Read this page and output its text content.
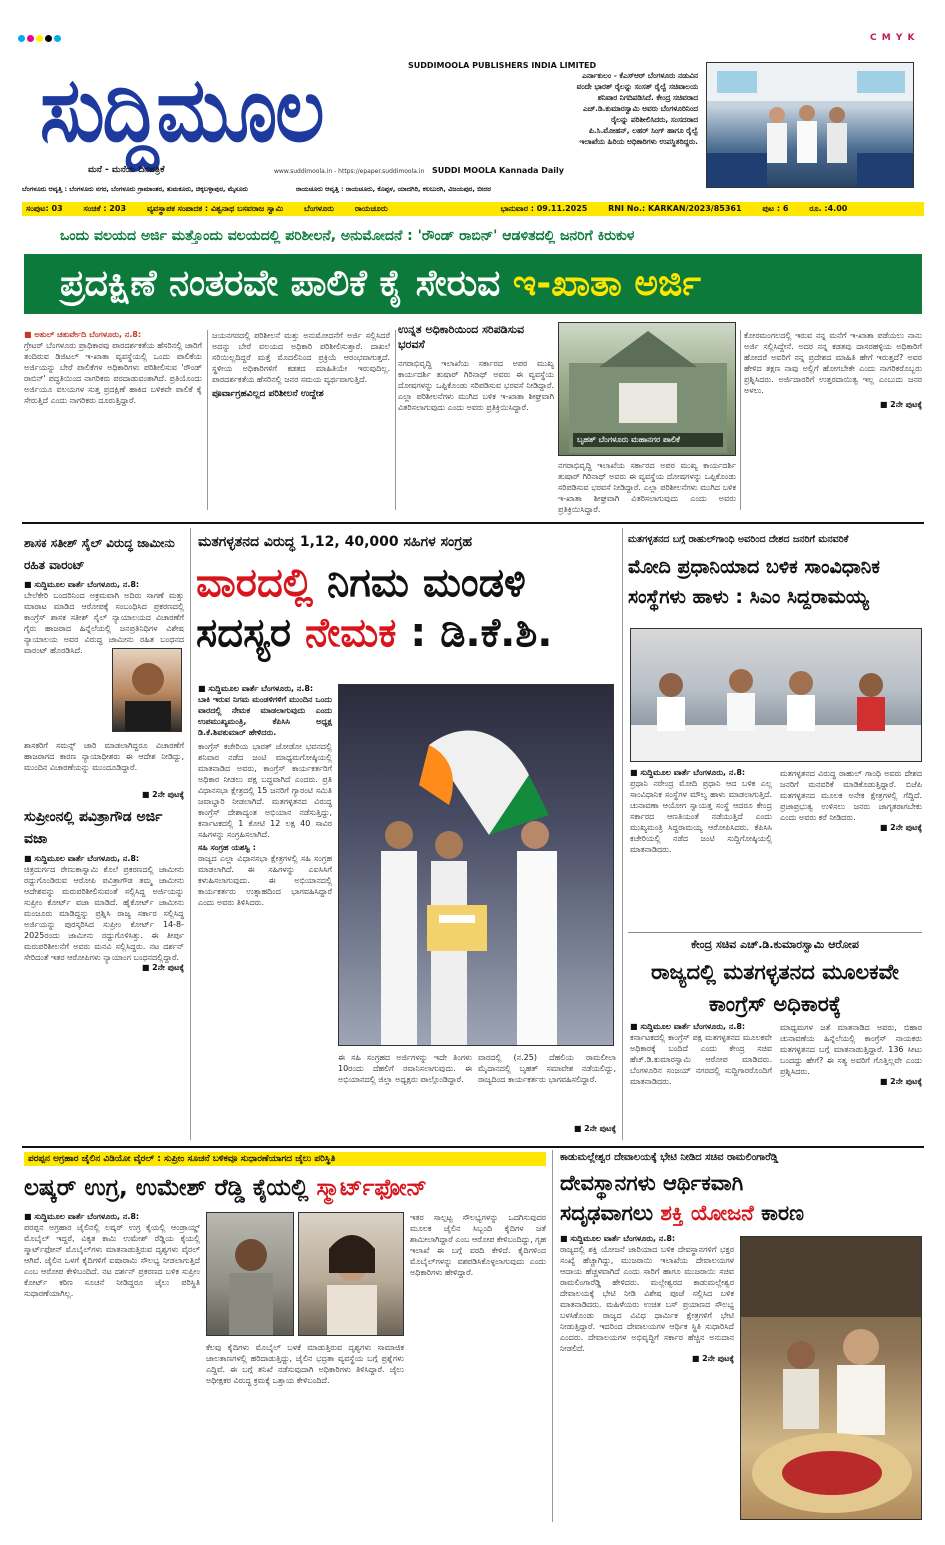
C M Y K
ಸುದ್ದಿಮೂಲ	SUDDIMOOLA PUBLISHERS INDIA LIMITED
ಮನೆ - ಮನೆಯ ದಿನಪತ್ರಿಕೆ	www.suddimoola.in - https://epaper.suddimoola.in SUDDI MOOLA Kannada Daily
ಎರ್ನಾಕುಲಂ - ಕೆಎಸ್‌ಆರ್ ಬೆಂಗಳೂರು ನಡುವಿನ ವಂದೇ ಭಾರತ್ ರೈಲನ್ನು ಸಂಸತ್ ರೈಲ್ವೆ ಸಚಿವಾಲಯ ಶನಿವಾರ ನಿಗದಿಪಡಿಸಿದೆ. ಕೇಂದ್ರ ಸಚಿವರಾದ ಎಚ್.ಡಿ.ಕುಮಾರಸ್ವಾಮಿ ಅವರು ಬೆಂಗಳೂರಿನಿಂದ ರೈಲನ್ನು ಪರಿಶೀಲಿಸಿದರು, ಸಂಸದರಾದ ಪಿ.ಸಿ.ಮೋಹನ್, ಲಹರ್ ಸಿಂಗ್ ಹಾಗೂ ರೈಲ್ವೆ ಇಲಾಖೆಯ ಹಿರಿಯ ಅಧಿಕಾರಿಗಳು ಉಪಸ್ಥಿತರಿದ್ದರು.
ಬೆಂಗಳೂರು ಆವೃತ್ತಿ : ಬೆಂಗಳೂರು ನಗರ, ಬೆಂಗಳೂರು ಗ್ರಾಮಾಂತರ, ತುಮಕೂರು, ಚಿಕ್ಕಬಳ್ಳಾಪುರ, ಮೈಸೂರು	ರಾಯಚೂರು ಆವೃತ್ತಿ : ರಾಯಚೂರು, ಕೊಪ್ಪಳ, ಯಾದಗಿರಿ, ಕಲಬುರಗಿ, ವಿಜಯಪುರ, ಬೀದರ
ಸಂಪುಟ: 03	ಸಂಚಿಕೆ : 203	ವ್ಯವಸ್ಥಾಪಕ ಸಂಪಾದಕ : ವಿಶ್ವನಾಥ ಬಸವರಾಜ ಸ್ವಾಮಿ	ಬೆಂಗಳೂರು	ರಾಯಚೂರು	ಭಾನುವಾರ : 09.11.2025	RNI No.: KARKAN/2023/85361	ಪುಟ : 6	ರೂ. :4.00
ಒಂದು ವಲಯದ ಅರ್ಜಿ ಮತ್ತೊಂದು ವಲಯದಲ್ಲಿ ಪರಿಶೀಲನೆ, ಅನುಮೋದನೆ : 'ರೌಂಡ್ ರಾಬಿನ್' ಆಡಳಿತದಲ್ಲಿ ಜನರಿಗೆ ಕಿರುಕುಳ
ಪ್ರದಕ್ಷಿಣೆ ನಂತರವೇ ಪಾಲಿಕೆ ಕೈ ಸೇರುವ ಇ-ಖಾತಾ ಅರ್ಜಿ
■ ಅತುಲ್ ಚತುರ್ವೇದಿ ಬೆಂಗಳೂರು, ನ.8:
ಗ್ರೇಟರ್ ಬೆಂಗಳೂರು ಪ್ರಾಧಿಕಾರವು ಪಾರದರ್ಶಕತೆಯ ಹೆಸರಿನಲ್ಲಿ ಜಾರಿಗೆ ತಂದಿರುವ ಡಿಜಿಟಲ್ ಇ-ಖಾತಾ ವ್ಯವಸ್ಥೆಯಲ್ಲಿ ಒಂದು ಪಾಲಿಕೆಯ ಅರ್ಜಿಯನ್ನು ಬೇರೆ ಪಾಲಿಕೆಗಳ ಅಧಿಕಾರಿಗಳು ಪರಿಶೀಲಿಸುವ 'ರೌಂಡ್ ರಾಬಿನ್' ಪದ್ಧತಿಯಿಂದ ನಾಗರಿಕರು ಪರದಾಡುವಂತಾಗಿದೆ. ಪ್ರತಿಯೊಂದು ಅರ್ಜಿಯೂ ವಲಯಗಳ ಸುತ್ತ ಪ್ರದಕ್ಷಿಣೆ ಹಾಕಿದ ಬಳಿಕವೇ ಪಾಲಿಕೆ ಕೈ ಸೇರುತ್ತಿದೆ ಎಂದು ನಾಗರಿಕರು ದೂರುತ್ತಿದ್ದಾರೆ.
ಜಯನಗರದಲ್ಲಿ ಪರಿಶೀಲನೆ ಮತ್ತು ಅನುಮೋದನೆಗೆ ಅರ್ಜಿ ಸಲ್ಲಿಸಿದರೆ ಅದನ್ನು ಬೇರೆ ವಲಯದ ಅಧಿಕಾರಿ ಪರಿಶೀಲಿಸುತ್ತಾರೆ. ದಾಖಲೆ ಸರಿಯಿಲ್ಲದಿದ್ದರೆ ಮತ್ತೆ ಮೊದಲಿನಿಂದ ಪ್ರಕ್ರಿಯೆ ಆರಂಭವಾಗುತ್ತದೆ. ಸ್ಥಳೀಯ ಅಧಿಕಾರಿಗಳಿಗೆ ಕಡತದ ಮಾಹಿತಿಯೇ ಇರುವುದಿಲ್ಲ. ಪಾರದರ್ಶಕತೆಯ ಹೆಸರಿನಲ್ಲಿ ಜನರ ಸಮಯ ವ್ಯರ್ಥವಾಗುತ್ತಿದೆ.
ಪೂರ್ವಾಗ್ರಹವಿಲ್ಲದ ಪರಿಶೀಲನೆ ಉದ್ದೇಶ
ಉನ್ನತ ಅಧಿಕಾರಿಯಿಂದ ಸರಿಪಡಿಸುವ ಭರವಸೆ
ನಗರಾಭಿವೃದ್ಧಿ ಇಲಾಖೆಯ ಸರ್ಕಾರದ ಅಪರ ಮುಖ್ಯ ಕಾರ್ಯದರ್ಶಿ ತುಷಾರ್ ಗಿರಿನಾಥ್ ಅವರು ಈ ವ್ಯವಸ್ಥೆಯ ದೋಷಗಳನ್ನು ಒಪ್ಪಿಕೊಂಡು ಸರಿಪಡಿಸುವ ಭರವಸೆ ನೀಡಿದ್ದಾರೆ. ಎಲ್ಲಾ ಪರಿಶೀಲನೆಗಳು ಮುಗಿದ ಬಳಿಕ ಇ-ಖಾತಾ ಶೀಘ್ರವಾಗಿ ವಿತರಿಸಲಾಗುವುದು ಎಂದು ಅವರು ಪ್ರತಿಕ್ರಿಯಿಸಿದ್ದಾರೆ.
ಬೃಹತ್ ಬೆಂಗಳೂರು ಮಹಾನಗರ ಪಾಲಿಕೆ
ನಗರಾಭಿವೃದ್ಧಿ ಇಲಾಖೆಯ ಸರ್ಕಾರದ ಅಪರ ಮುಖ್ಯ ಕಾರ್ಯದರ್ಶಿ ತುಷಾರ್ ಗಿರಿನಾಥ್ ಅವರು ಈ ವ್ಯವಸ್ಥೆಯ ದೋಷಗಳನ್ನು ಒಪ್ಪಿಕೊಂಡು ಸರಿಪಡಿಸುವ ಭರವಸೆ ನೀಡಿದ್ದಾರೆ. ಎಲ್ಲಾ ಪರಿಶೀಲನೆಗಳು ಮುಗಿದ ಬಳಿಕ ಇ-ಖಾತಾ ಶೀಘ್ರವಾಗಿ ವಿತರಿಸಲಾಗುವುದು ಎಂದು ಅವರು ಪ್ರತಿಕ್ರಿಯಿಸಿದ್ದಾರೆ.
ಕೋರಮಂಗಲದಲ್ಲಿ ಇರುವ ನನ್ನ ಮನೆಗೆ ಇ-ಖಾತಾ ಪಡೆಯಲು ನಾನು ಅರ್ಜಿ ಸಲ್ಲಿಸಿದ್ದೇನೆ. ಅದರ ನನ್ನ ಕಡತವು ದಾಸರಹಳ್ಳಿಯ ಅಧಿಕಾರಿಗೆ ಹೋದರೆ ಅವರಿಗೆ ನನ್ನ ಪ್ರದೇಶದ ಮಾಹಿತಿ ಹೇಗೆ ಇರುತ್ತದೆ? ಅವರ ಹೇಳಿದ ತಕ್ಷಣ ನಾವು ಅಲ್ಲಿಗೆ ಹೋಗಬೇಕೇ ಎಂದು ನಾಗರಿಕರೊಬ್ಬರು ಪ್ರಶ್ನಿಸಿದರು. ಅರ್ಜಿದಾರರಿಗೆ ಉತ್ತರದಾಯಿತ್ವ ಇಲ್ಲ ಎಂಬುದು ಜನರ ಅಳಲು.
■ 2ನೇ ಪುಟಕ್ಕೆ
ಶಾಸಕ ಸತೀಶ್ ಸೈಲ್ ವಿರುದ್ಧ ಜಾಮೀನು ರಹಿತ ವಾರಂಟ್
■ ಸುದ್ದಿಮೂಲ ವಾರ್ತೆ ಬೆಂಗಳೂರು, ನ.8:
ಬೇಲೆಕೇರಿ ಬಂದರಿನಿಂದ ಅಕ್ರಮವಾಗಿ ಅದಿರು ಸಾಗಣೆ ಮತ್ತು ಮಾರಾಟ ಮಾಡಿದ ಆರೋಪಕ್ಕೆ ಸಂಬಂಧಿಸಿದ ಪ್ರಕರಣದಲ್ಲಿ ಕಾಂಗ್ರೆಸ್ ಶಾಸಕ ಸತೀಶ್ ಸೈಲ್ ನ್ಯಾಯಾಲಯದ ವಿಚಾರಣೆಗೆ ಗೈರು ಹಾಜರಾದ ಹಿನ್ನೆಲೆಯಲ್ಲಿ ಜನಪ್ರತಿನಿಧಿಗಳ ವಿಶೇಷ ನ್ಯಾಯಾಲಯ ಅವರ ವಿರುದ್ಧ ಜಾಮೀನು ರಹಿತ ಬಂಧನದ ವಾರಂಟ್ ಹೊರಡಿಸಿದೆ.
ಶಾಸಕರಿಗೆ ಸಮನ್ಸ್ ಜಾರಿ ಮಾಡಲಾಗಿದ್ದರೂ ವಿಚಾರಣೆಗೆ ಹಾಜರಾಗದ ಕಾರಣ ನ್ಯಾಯಾಧೀಶರು ಈ ಆದೇಶ ನೀಡಿದ್ದು, ಮುಂದಿನ ವಿಚಾರಣೆಯನ್ನು ಮುಂದೂಡಿದ್ದಾರೆ.
■ 2ನೇ ಪುಟಕ್ಕೆ
ಸುಪ್ರೀಂನಲ್ಲಿ ಪವಿತ್ರಾಗೌಡ ಅರ್ಜಿ ವಜಾ
■ ಸುದ್ದಿಮೂಲ ವಾರ್ತೆ ಬೆಂಗಳೂರು, ನ.8:
ಚಿತ್ರದುರ್ಗದ ರೇಣುಕಾಸ್ವಾಮಿ ಕೊಲೆ ಪ್ರಕರಣದಲ್ಲಿ ಜಾಮೀನು ರದ್ದುಗೊಂಡಿರುವ ಆರೋಪಿ ಪವಿತ್ರಾಗೌಡ ತಮ್ಮ ಜಾಮೀನು ಆದೇಶವನ್ನು ಮರುಪರಿಶೀಲಿಸುವಂತೆ ಸಲ್ಲಿಸಿದ್ದ ಅರ್ಜಿಯನ್ನು ಸುಪ್ರೀಂ ಕೋರ್ಟ್ ವಜಾ ಮಾಡಿದೆ. ಹೈಕೋರ್ಟ್ ಜಾಮೀನು ಮಂಜೂರು ಮಾಡಿದ್ದನ್ನು ಪ್ರಶ್ನಿಸಿ ರಾಜ್ಯ ಸರ್ಕಾರ ಸಲ್ಲಿಸಿದ್ದ ಅರ್ಜಿಯನ್ನು ಪುರಸ್ಕರಿಸಿದ ಸುಪ್ರೀಂ ಕೋರ್ಟ್ 14-8-2025ರಂದು ಜಾಮೀನು ರದ್ದುಗೊಳಿಸಿತ್ತು. ಈ ತೀರ್ಪು ಮರುಪರಿಶೀಲನೆಗೆ ಅವರು ಮನವಿ ಸಲ್ಲಿಸಿದ್ದರು. ನಟ ದರ್ಶನ್ ಸೇರಿದಂತೆ ಇತರ ಆರೋಪಿಗಳು ನ್ಯಾಯಾಂಗ ಬಂಧನದಲ್ಲಿದ್ದಾರೆ.
■ 2ನೇ ಪುಟಕ್ಕೆ
ಮತಗಳ್ಳತನದ ವಿರುದ್ಧ 1,12, 40,000 ಸಹಿಗಳ ಸಂಗ್ರಹ
ವಾರದಲ್ಲಿ ನಿಗಮ ಮಂಡಳಿ
ಸದಸ್ಯರ ನೇಮಕ : ಡಿ.ಕೆ.ಶಿ.
■ ಸುದ್ದಿಮೂಲ ವಾರ್ತೆ ಬೆಂಗಳೂರು, ನ.8:
ಬಾಕಿ ಇರುವ ನಿಗಮ ಮಂಡಳಿಗಳಿಗೆ ಮುಂದಿನ ಒಂದು ವಾರದಲ್ಲಿ ನೇಮಕ ಮಾಡಲಾಗುವುದು ಎಂದು ಉಪಮುಖ್ಯಮಂತ್ರಿ, ಕೆಪಿಸಿಸಿ ಅಧ್ಯಕ್ಷ ಡಿ.ಕೆ.ಶಿವಕುಮಾರ್ ಹೇಳಿದರು.
ಕಾಂಗ್ರೆಸ್ ಕಚೇರಿಯ ಭಾರತ್ ಜೋಡೋ ಭವನದಲ್ಲಿ ಶನಿವಾರ ನಡೆದ ಜಂಟಿ ಮಾಧ್ಯಮಗೋಷ್ಠಿಯಲ್ಲಿ ಮಾತನಾಡಿದ ಅವರು, ಕಾಂಗ್ರೆಸ್ ಕಾರ್ಯಕರ್ತರಿಗೆ ಅಧಿಕಾರ ನೀಡಲು ಪಕ್ಷ ಬದ್ಧವಾಗಿದೆ ಎಂದರು. ಪ್ರತಿ ವಿಧಾನಸಭಾ ಕ್ಷೇತ್ರದಲ್ಲಿ 15 ಜನರಿಗೆ ಗ್ಯಾರಂಟಿ ಸಮಿತಿ ಜವಾಬ್ದಾರಿ ನೀಡಲಾಗಿದೆ. ಮತಗಳ್ಳತನದ ವಿರುದ್ಧ ಕಾಂಗ್ರೆಸ್ ದೇಶಾದ್ಯಂತ ಅಭಿಯಾನ ನಡೆಸುತ್ತಿದ್ದು, ಕರ್ನಾಟಕದಲ್ಲಿ 1 ಕೋಟಿ 12 ಲಕ್ಷ 40 ಸಾವಿರ ಸಹಿಗಳನ್ನು ಸಂಗ್ರಹಿಸಲಾಗಿದೆ.
ಸಹಿ ಸಂಗ್ರಹ ಯಶಸ್ವಿ :
ರಾಜ್ಯದ ಎಲ್ಲಾ ವಿಧಾನಸಭಾ ಕ್ಷೇತ್ರಗಳಲ್ಲಿ ಸಹಿ ಸಂಗ್ರಹ ಮಾಡಲಾಗಿದೆ. ಈ ಸಹಿಗಳನ್ನು ಎಐಸಿಸಿಗೆ ಕಳುಹಿಸಲಾಗುವುದು. ಈ ಅಭಿಯಾನದಲ್ಲಿ ಕಾರ್ಯಕರ್ತರು ಉತ್ಸಾಹದಿಂದ ಭಾಗವಹಿಸಿದ್ದಾರೆ ಎಂದು ಅವರು ತಿಳಿಸಿದರು.
ಈ ಸಹಿ ಸಂಗ್ರಹದ ಅರ್ಜಿಗಳನ್ನು ಇದೇ ತಿಂಗಳು 10ರಂದು ದೆಹಲಿಗೆ ರವಾನಿಸಲಾಗುವುದು. ಈ ಅಭಿಯಾನದಲ್ಲಿ ಜಿಲ್ಲಾ ಅಧ್ಯಕ್ಷರು ಪಾಲ್ಗೊಂಡಿದ್ದಾರೆ.
ವಾರದಲ್ಲಿ (ನ.25) ದೆಹಲಿಯ ರಾಮಲೀಲಾ ಮೈದಾನದಲ್ಲಿ ಬೃಹತ್ ಸಮಾವೇಶ ನಡೆಯಲಿದ್ದು, ರಾಜ್ಯದಿಂದ ಕಾರ್ಯಕರ್ತರು ಭಾಗವಹಿಸಲಿದ್ದಾರೆ.
■ 2ನೇ ಪುಟಕ್ಕೆ
ಮತಗಳ್ಳತನದ ಬಗ್ಗೆ ರಾಹುಲ್‌ಗಾಂಧಿ ಅವರಿಂದ ದೇಶದ ಜನರಿಗೆ ಮನವರಿಕೆ
ಮೋದಿ ಪ್ರಧಾನಿಯಾದ ಬಳಿಕ ಸಾಂವಿಧಾನಿಕ ಸಂಸ್ಥೆಗಳು ಹಾಳು : ಸಿಎಂ ಸಿದ್ದರಾಮಯ್ಯ
■ ಸುದ್ದಿಮೂಲ ವಾರ್ತೆ ಬೆಂಗಳೂರು, ನ.8:
ಪ್ರಧಾನಿ ನರೇಂದ್ರ ಮೋದಿ ಪ್ರಧಾನಿ ಆದ ಬಳಿಕ ಎಲ್ಲ ಸಾಂವಿಧಾನಿಕ ಸಂಸ್ಥೆಗಳ ಮೌಲ್ಯ ಹಾಳು ಮಾಡಲಾಗುತ್ತಿದೆ. ಚುನಾವಣಾ ಆಯೋಗ ಸ್ವಾಯತ್ತ ಸಂಸ್ಥೆ ಆದರೂ ಕೇಂದ್ರ ಸರ್ಕಾರದ ಆಣತಿಯಂತೆ ನಡೆಯುತ್ತಿದೆ ಎಂದು ಮುಖ್ಯಮಂತ್ರಿ ಸಿದ್ದರಾಮಯ್ಯ ಆರೋಪಿಸಿದರು. ಕೆಪಿಸಿಸಿ ಕಚೇರಿಯಲ್ಲಿ ನಡೆದ ಜಂಟಿ ಸುದ್ದಿಗೋಷ್ಠಿಯಲ್ಲಿ ಮಾತನಾಡಿದರು.
ಮತಗಳ್ಳತನದ ವಿರುದ್ಧ ರಾಹುಲ್ ಗಾಂಧಿ ಅವರು ದೇಶದ ಜನರಿಗೆ ಮನವರಿಕೆ ಮಾಡಿಕೊಡುತ್ತಿದ್ದಾರೆ. ಬಿಜೆಪಿ ಮತಗಳ್ಳತನದ ಮೂಲಕ ಅನೇಕ ಕ್ಷೇತ್ರಗಳಲ್ಲಿ ಗೆದ್ದಿದೆ. ಪ್ರಜಾಪ್ರಭುತ್ವ ಉಳಿಸಲು ಜನರು ಜಾಗೃತರಾಗಬೇಕು ಎಂದು ಅವರು ಕರೆ ನೀಡಿದರು.
■ 2ನೇ ಪುಟಕ್ಕೆ
ಕೇಂದ್ರ ಸಚಿವ ಎಚ್.ಡಿ.ಕುಮಾರಸ್ವಾಮಿ ಆರೋಪ
ರಾಜ್ಯದಲ್ಲಿ ಮತಗಳ್ಳತನದ ಮೂಲಕವೇ ಕಾಂಗ್ರೆಸ್ ಅಧಿಕಾರಕ್ಕೆ
■ ಸುದ್ದಿಮೂಲ ವಾರ್ತೆ ಬೆಂಗಳೂರು, ನ.8:
ಕರ್ನಾಟಕದಲ್ಲಿ ಕಾಂಗ್ರೆಸ್ ಪಕ್ಷ ಮತಗಳ್ಳತನದ ಮೂಲಕವೇ ಅಧಿಕಾರಕ್ಕೆ ಬಂದಿದೆ ಎಂದು ಕೇಂದ್ರ ಸಚಿವ ಹೆಚ್.ಡಿ.ಕುಮಾರಸ್ವಾಮಿ ಆರೋಪ ಮಾಡಿದರು. ಬೆಂಗಳೂರಿನ ಸಂಜಯ್ ನಗರದಲ್ಲಿ ಸುದ್ದಿಗಾರರೊಂದಿಗೆ ಮಾತನಾಡಿದರು.
ಮಾಧ್ಯಮಗಳ ಜತೆ ಮಾತನಾಡಿದ ಅವರು, ಬಿಹಾರ ಚುನಾವಣೆಯ ಹಿನ್ನೆಲೆಯಲ್ಲಿ ಕಾಂಗ್ರೆಸ್ ನಾಯಕರು ಮತಗಳ್ಳತನದ ಬಗ್ಗೆ ಮಾತನಾಡುತ್ತಿದ್ದಾರೆ. 136 ಸೀಟು ಬಂದದ್ದು ಹೇಗೆ? ಈ ಸತ್ಯ ಅವರಿಗೆ ಗೊತ್ತಿಲ್ಲವೇ ಎಂದು ಪ್ರಶ್ನಿಸಿದರು.
■ 2ನೇ ಪುಟಕ್ಕೆ
ಪರಪ್ಪನ ಅಗ್ರಹಾರ ಜೈಲಿನ ವಿಡಿಯೋ ವೈರಲ್ : ಸುಪ್ರೀಂ ಸೂಚನೆ ಬಳಿಕವೂ ಸುಧಾರಣೆಯಾಗದ ಜೈಲು ಪರಿಸ್ಥಿತಿ
ಲಷ್ಕರ್ ಉಗ್ರ, ಉಮೇಶ್ ರೆಡ್ಡಿ ಕೈಯಲ್ಲಿ ಸ್ಮಾರ್ಟ್‌ಫೋನ್
■ ಸುದ್ದಿಮೂಲ ವಾರ್ತೆ ಬೆಂಗಳೂರು, ನ.8:
ಪರಪ್ಪನ ಅಗ್ರಹಾರ ಜೈಲಿನಲ್ಲಿ ಲಷ್ಕರ್ ಉಗ್ರ ಕೈಯಲ್ಲಿ ಆಂಡ್ರಾಯ್ಡ್ ಮೊಬೈಲ್ ಇದ್ದರೆ, ವಿಕೃತ ಕಾಮಿ ಉಮೇಶ್ ರೆಡ್ಡಿಯ ಕೈಯಲ್ಲಿ ಸ್ಮಾರ್ಟ್‌ಫೋನ್ ಮೊಬೈಲ್‌ಗಳು ಮಾತನಾಡುತ್ತಿರುವ ದೃಶ್ಯಗಳು ವೈರಲ್ ಆಗಿವೆ. ಜೈಲಿನ ಒಳಗೆ ಕೈದಿಗಳಿಗೆ ಐಷಾರಾಮಿ ಸೌಲಭ್ಯ ನೀಡಲಾಗುತ್ತಿದೆ ಎಂಬ ಆರೋಪ ಕೇಳಿಬಂದಿದೆ. ನಟ ದರ್ಶನ್ ಪ್ರಕರಣದ ಬಳಿಕ ಸುಪ್ರೀಂ ಕೋರ್ಟ್ ಕಠಿಣ ಸೂಚನೆ ನೀಡಿದ್ದರೂ ಜೈಲು ಪರಿಸ್ಥಿತಿ ಸುಧಾರಣೆಯಾಗಿಲ್ಲ.
ಕೆಲವು ಕೈದಿಗಳು ಮೊಬೈಲ್ ಬಳಕೆ ಮಾಡುತ್ತಿರುವ ದೃಶ್ಯಗಳು ಸಾಮಾಜಿಕ ಜಾಲತಾಣಗಳಲ್ಲಿ ಹರಿದಾಡುತ್ತಿದ್ದು, ಜೈಲಿನ ಭದ್ರತಾ ವ್ಯವಸ್ಥೆಯ ಬಗ್ಗೆ ಪ್ರಶ್ನೆಗಳು ಎದ್ದಿವೆ. ಈ ಬಗ್ಗೆ ತನಿಖೆ ನಡೆಸುವುದಾಗಿ ಅಧಿಕಾರಿಗಳು ತಿಳಿಸಿದ್ದಾರೆ. ಜೈಲು ಅಧೀಕ್ಷಕರ ವಿರುದ್ಧ ಕ್ರಮಕ್ಕೆ ಒತ್ತಾಯ ಕೇಳಿಬಂದಿದೆ.
ಇತರ ಸಾಲ್ಪಟ್ಟ ಸೌಲಭ್ಯಗಳನ್ನು ಒದಗಿಸುವುದರ ಮೂಲಕ ಜೈಲಿನ ಸಿಬ್ಬಂದಿ ಕೈದಿಗಳ ಜತೆ ಶಾಮೀಲಾಗಿದ್ದಾರೆ ಎಂಬ ಆರೋಪ ಕೇಳಿಬಂದಿದ್ದು, ಗೃಹ ಇಲಾಖೆ ಈ ಬಗ್ಗೆ ವರದಿ ಕೇಳಿದೆ. ಕೈದಿಗಳಿಂದ ಮೊಬೈಲ್‌ಗಳನ್ನು ವಶಪಡಿಸಿಕೊಳ್ಳಲಾಗುವುದು ಎಂದು ಅಧಿಕಾರಿಗಳು ಹೇಳಿದ್ದಾರೆ.
ಕಾಡುಮಲ್ಲೇಶ್ವರ ದೇವಾಲಯಕ್ಕೆ ಭೇಟಿ ನೀಡಿದ ಸಚಿವ ರಾಮಲಿಂಗಾರೆಡ್ಡಿ
ದೇವಸ್ಥಾನಗಳು ಆರ್ಥಿಕವಾಗಿ
ಸದೃಢವಾಗಲು ಶಕ್ತಿ ಯೋಜನೆ ಕಾರಣ
■ ಸುದ್ದಿಮೂಲ ವಾರ್ತೆ ಬೆಂಗಳೂರು, ನ.8:
ರಾಜ್ಯದಲ್ಲಿ ಶಕ್ತಿ ಯೋಜನೆ ಜಾರಿಯಾದ ಬಳಿಕ ದೇವಸ್ಥಾನಗಳಿಗೆ ಭಕ್ತರ ಸಂಖ್ಯೆ ಹೆಚ್ಚಾಗಿದ್ದು, ಮುಜರಾಯಿ ಇಲಾಖೆಯ ದೇವಾಲಯಗಳ ಆದಾಯ ಹೆಚ್ಚಳವಾಗಿದೆ ಎಂದು ಸಾರಿಗೆ ಹಾಗೂ ಮುಜರಾಯಿ ಸಚಿವ ರಾಮಲಿಂಗಾರೆಡ್ಡಿ ಹೇಳಿದರು. ಮಲ್ಲೇಶ್ವರದ ಕಾಡುಮಲ್ಲೇಶ್ವರ ದೇವಾಲಯಕ್ಕೆ ಭೇಟಿ ನೀಡಿ ವಿಶೇಷ ಪೂಜೆ ಸಲ್ಲಿಸಿದ ಬಳಿಕ ಮಾತನಾಡಿದರು. ಮಹಿಳೆಯರು ಉಚಿತ ಬಸ್ ಪ್ರಯಾಣದ ಸೌಲಭ್ಯ ಬಳಸಿಕೊಂಡು ರಾಜ್ಯದ ವಿವಿಧ ಧಾರ್ಮಿಕ ಕ್ಷೇತ್ರಗಳಿಗೆ ಭೇಟಿ ನೀಡುತ್ತಿದ್ದಾರೆ. ಇದರಿಂದ ದೇವಾಲಯಗಳ ಆರ್ಥಿಕ ಸ್ಥಿತಿ ಸುಧಾರಿಸಿದೆ ಎಂದರು. ದೇವಾಲಯಗಳ ಅಭಿವೃದ್ಧಿಗೆ ಸರ್ಕಾರ ಹೆಚ್ಚಿನ ಅನುದಾನ ನೀಡಲಿದೆ.
■ 2ನೇ ಪುಟಕ್ಕೆ
